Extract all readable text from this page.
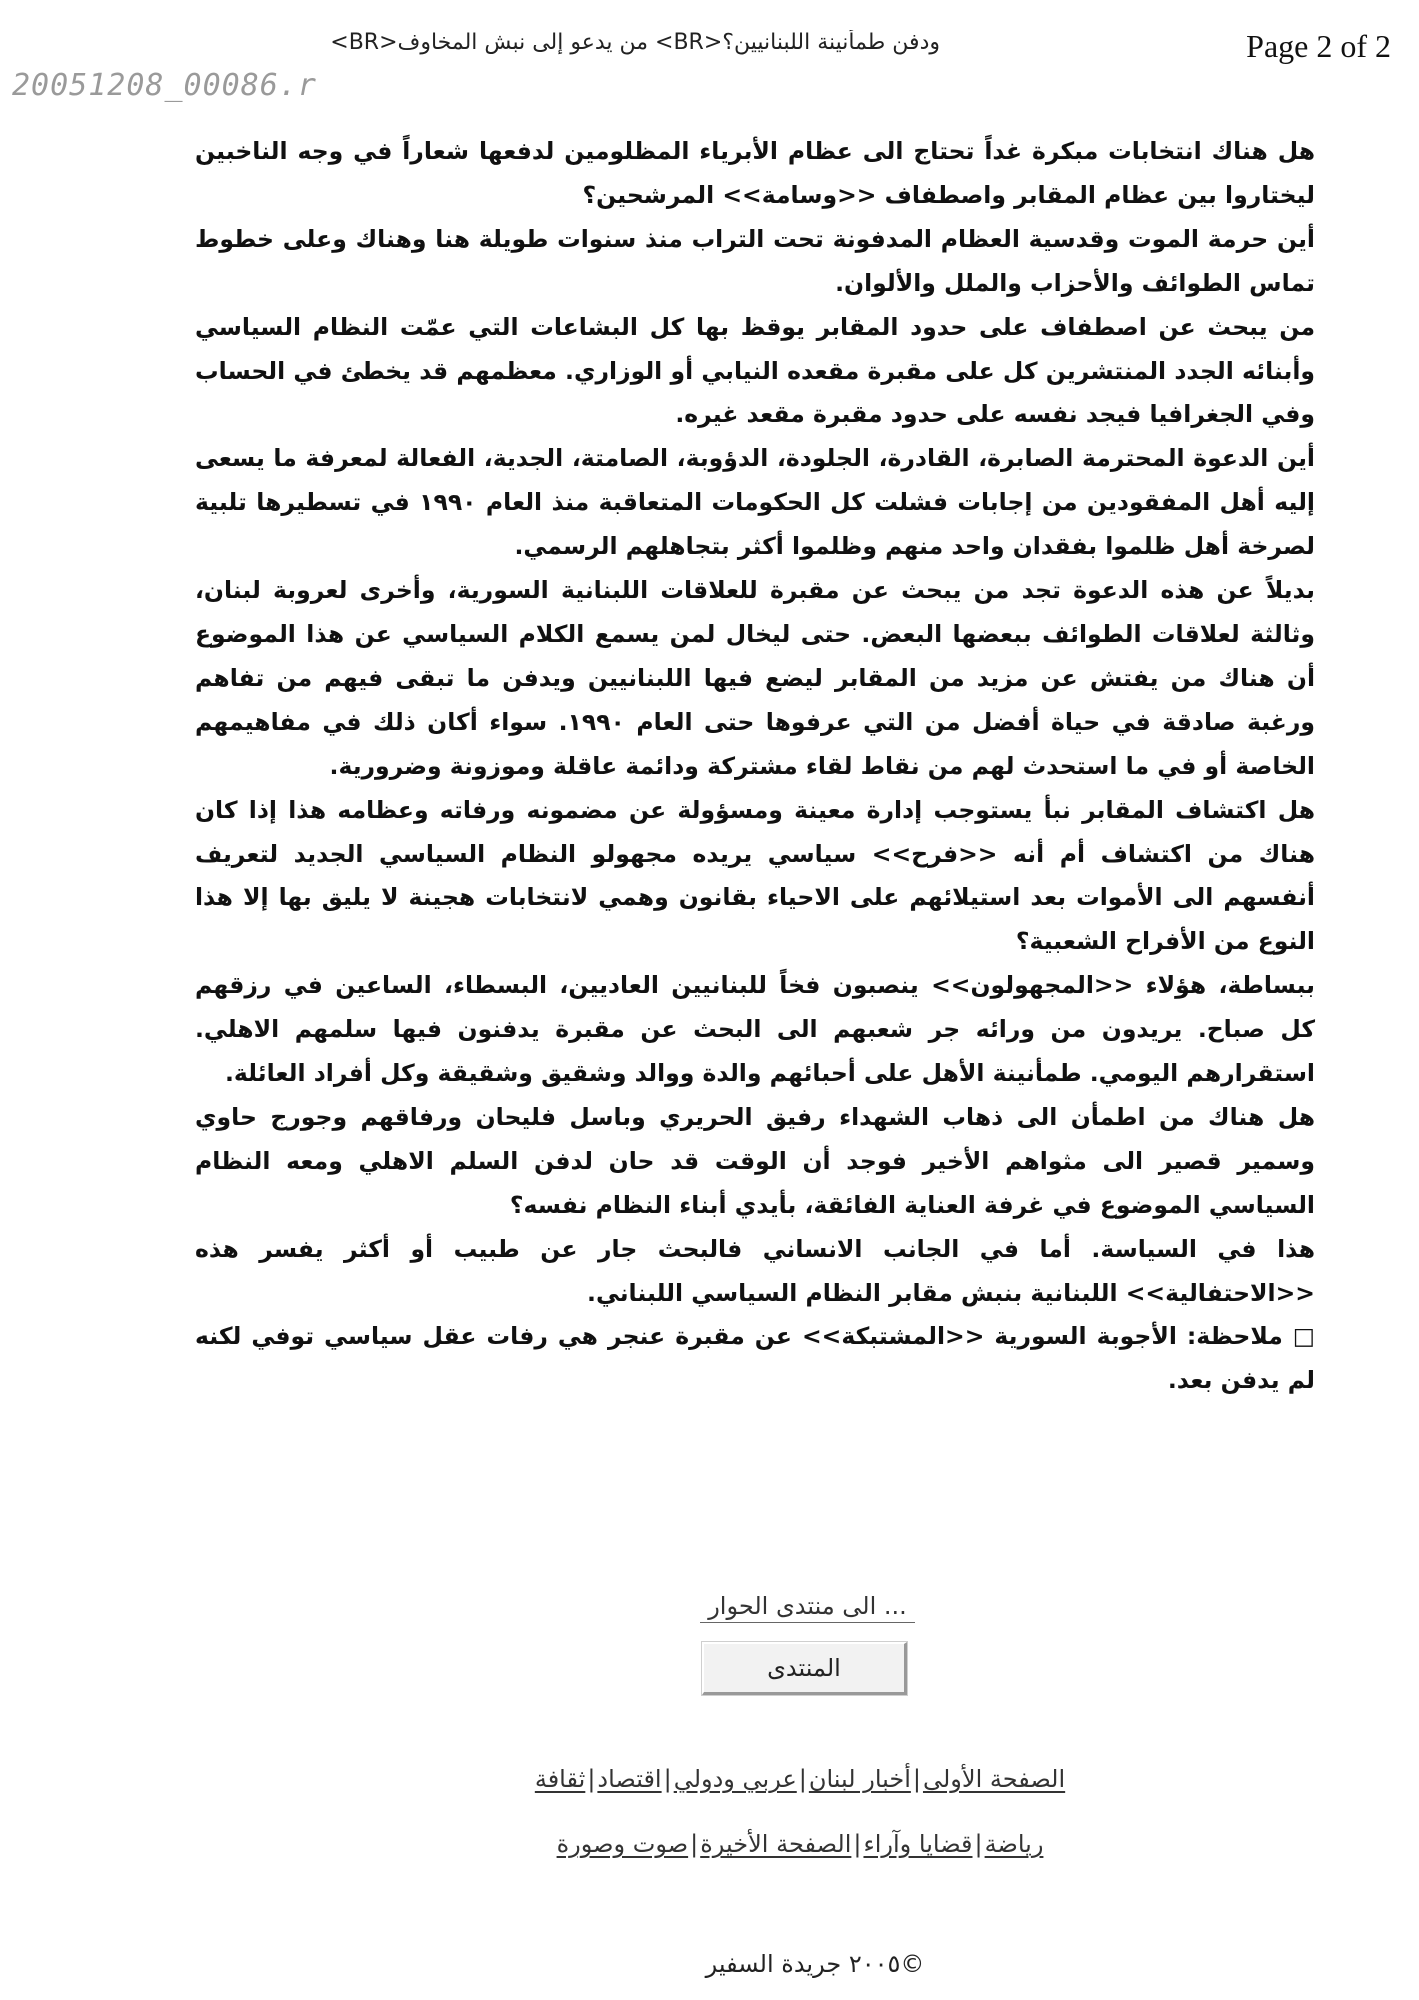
ودفن طمأنينة اللبنانيين؟<BR> من يدعو إلى نبش المخاوف<BR>	Page 2 of 2
20051208_00086.r

هل هناك انتخابات مبكرة غداً تحتاج الى عظام الأبرياء المظلومين لدفعها شعاراً في وجه الناخبين ليختاروا بين عظام المقابر واصطفاف <<وسامة>> المرشحين؟

أين حرمة الموت وقدسية العظام المدفونة تحت التراب منذ سنوات طويلة هنا وهناك وعلى خطوط تماس الطوائف والأحزاب والملل والألوان.

من يبحث عن اصطفاف على حدود المقابر يوقظ بها كل البشاعات التي عمّت النظام السياسي وأبنائه الجدد المنتشرين كل على مقبرة مقعده النيابي أو الوزاري. معظمهم قد يخطئ في الحساب وفي الجغرافيا فيجد نفسه على حدود مقبرة مقعد غيره.

أين الدعوة المحترمة الصابرة، القادرة، الجلودة، الدؤوبة، الصامتة، الجدية، الفعالة لمعرفة ما يسعى إليه أهل المفقودين من إجابات فشلت كل الحكومات المتعاقبة منذ العام ١٩٩٠ في تسطيرها تلبية لصرخة أهل ظلموا بفقدان واحد منهم وظلموا أكثر بتجاهلهم الرسمي.

بديلاً عن هذه الدعوة تجد من يبحث عن مقبرة للعلاقات اللبنانية السورية، وأخرى لعروبة لبنان، وثالثة لعلاقات الطوائف ببعضها البعض. حتى ليخال لمن يسمع الكلام السياسي عن هذا الموضوع أن هناك من يفتش عن مزيد من المقابر ليضع فيها اللبنانيين ويدفن ما تبقى فيهم من تفاهم ورغبة صادقة في حياة أفضل من التي عرفوها حتى العام ١٩٩٠. سواء أكان ذلك في مفاهيمهم الخاصة أو في ما استحدث لهم من نقاط لقاء مشتركة ودائمة عاقلة وموزونة وضرورية.

هل اكتشاف المقابر نبأ يستوجب إدارة معينة ومسؤولة عن مضمونه ورفاته وعظامه هذا إذا كان هناك من اكتشاف أم أنه <<فرح>> سياسي يريده مجهولو النظام السياسي الجديد لتعريف أنفسهم الى الأموات بعد استيلائهم على الاحياء بقانون وهمي لانتخابات هجينة لا يليق بها إلا هذا النوع من الأفراح الشعبية؟

ببساطة، هؤلاء <<المجهولون>> ينصبون فخاً للبنانيين العاديين، البسطاء، الساعين في رزقهم كل صباح. يريدون من ورائه جر شعبهم الى البحث عن مقبرة يدفنون فيها سلمهم الاهلي. استقرارهم اليومي. طمأنينة الأهل على أحبائهم والدة ووالد وشقيق وشقيقة وكل أفراد العائلة.

هل هناك من اطمأن الى ذهاب الشهداء رفيق الحريري وباسل فليحان ورفاقهم وجورج حاوي وسمير قصير الى مثواهم الأخير فوجد أن الوقت قد حان لدفن السلم الاهلي ومعه النظام السياسي الموضوع في غرفة العناية الفائقة، بأيدي أبناء النظام نفسه؟

هذا في السياسة. أما في الجانب الانساني فالبحث جار عن طبيب أو أكثر يفسر هذه <<الاحتفالية>> اللبنانية بنبش مقابر النظام السياسي اللبناني.

□ ملاحظة: الأجوبة السورية <<المشتبكة>> عن مقبرة عنجر هي رفات عقل سياسي توفي لكنه لم يدفن بعد.

... الى منتدى الحوار
المنتدى
الصفحة الأولى|أخبار لبنان|عربي ودولي|اقتصاد|ثقافة
رياضة|قضايا وآراء|الصفحة الأخيرة|صوت وصورة
©٢٠٠٥ جريدة السفير
